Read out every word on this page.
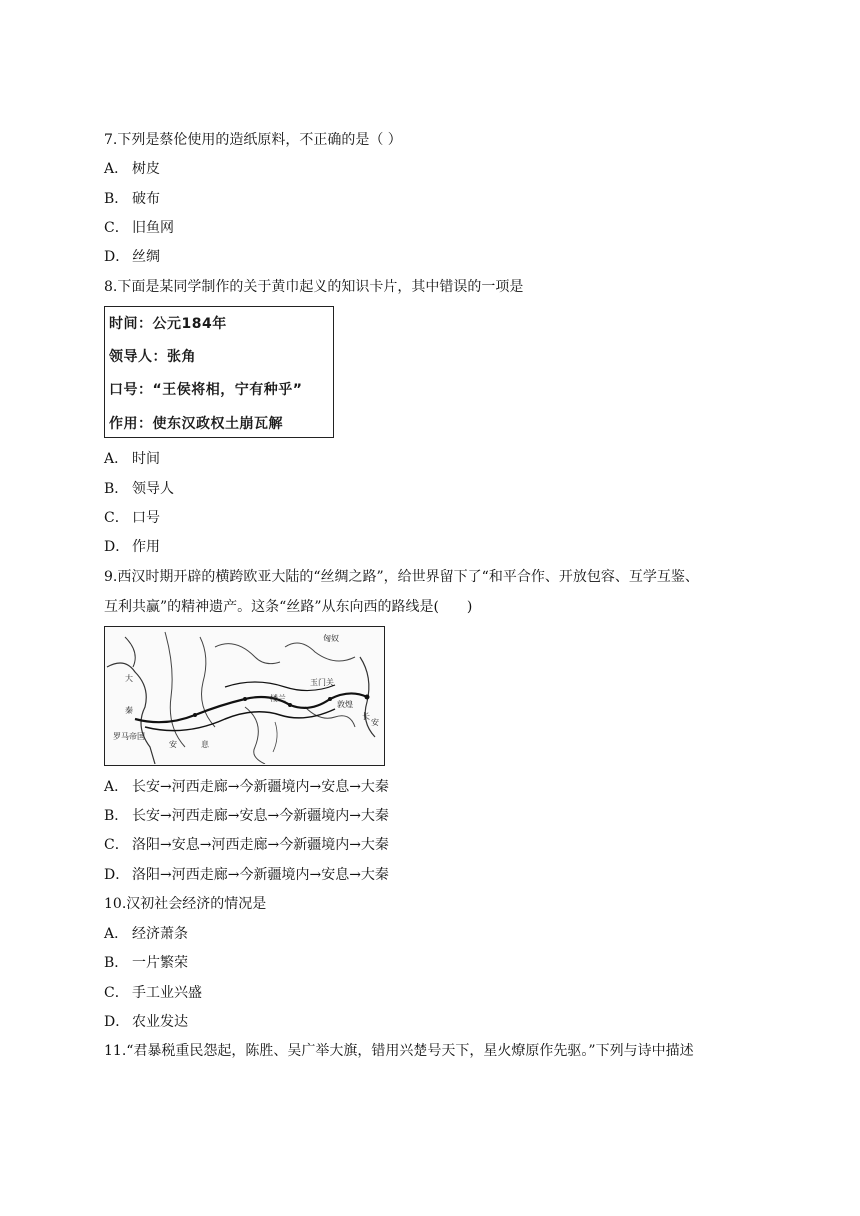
7.下列是蔡伦使用的造纸原料，不正确的是（ ）
A． 树皮
B． 破布
C． 旧鱼网
D． 丝绸
8.下面是某同学制作的关于黄巾起义的知识卡片，其中错误的一项是
时间：公元184年
领导人：张角
口号：“王侯将相，宁有种乎”
作用：使东汉政权土崩瓦解
A． 时间
B． 领导人
C． 口号
D． 作用
9.西汉时期开辟的横跨欧亚大陆的“丝绸之路”，给世界留下了“和平合作、开放包容、互学互鉴、
互利共赢”的精神遗产。这条“丝路”从东向西的路线是(　　)
匈奴
大
秦
安	息
长
安
玉门关
敦煌
楼兰
罗马帝国
A． 长安→河西走廊→今新疆境内→安息→大秦
B． 长安→河西走廊→安息→今新疆境内→大秦
C． 洛阳→安息→河西走廊→今新疆境内→大秦
D． 洛阳→河西走廊→今新疆境内→安息→大秦
10.汉初社会经济的情况是
A． 经济萧条
B． 一片繁荣
C． 手工业兴盛
D． 农业发达
11.“君暴税重民怨起，陈胜、吴广举大旗，错用兴楚号天下，星火燎原作先驱。”下列与诗中描述
